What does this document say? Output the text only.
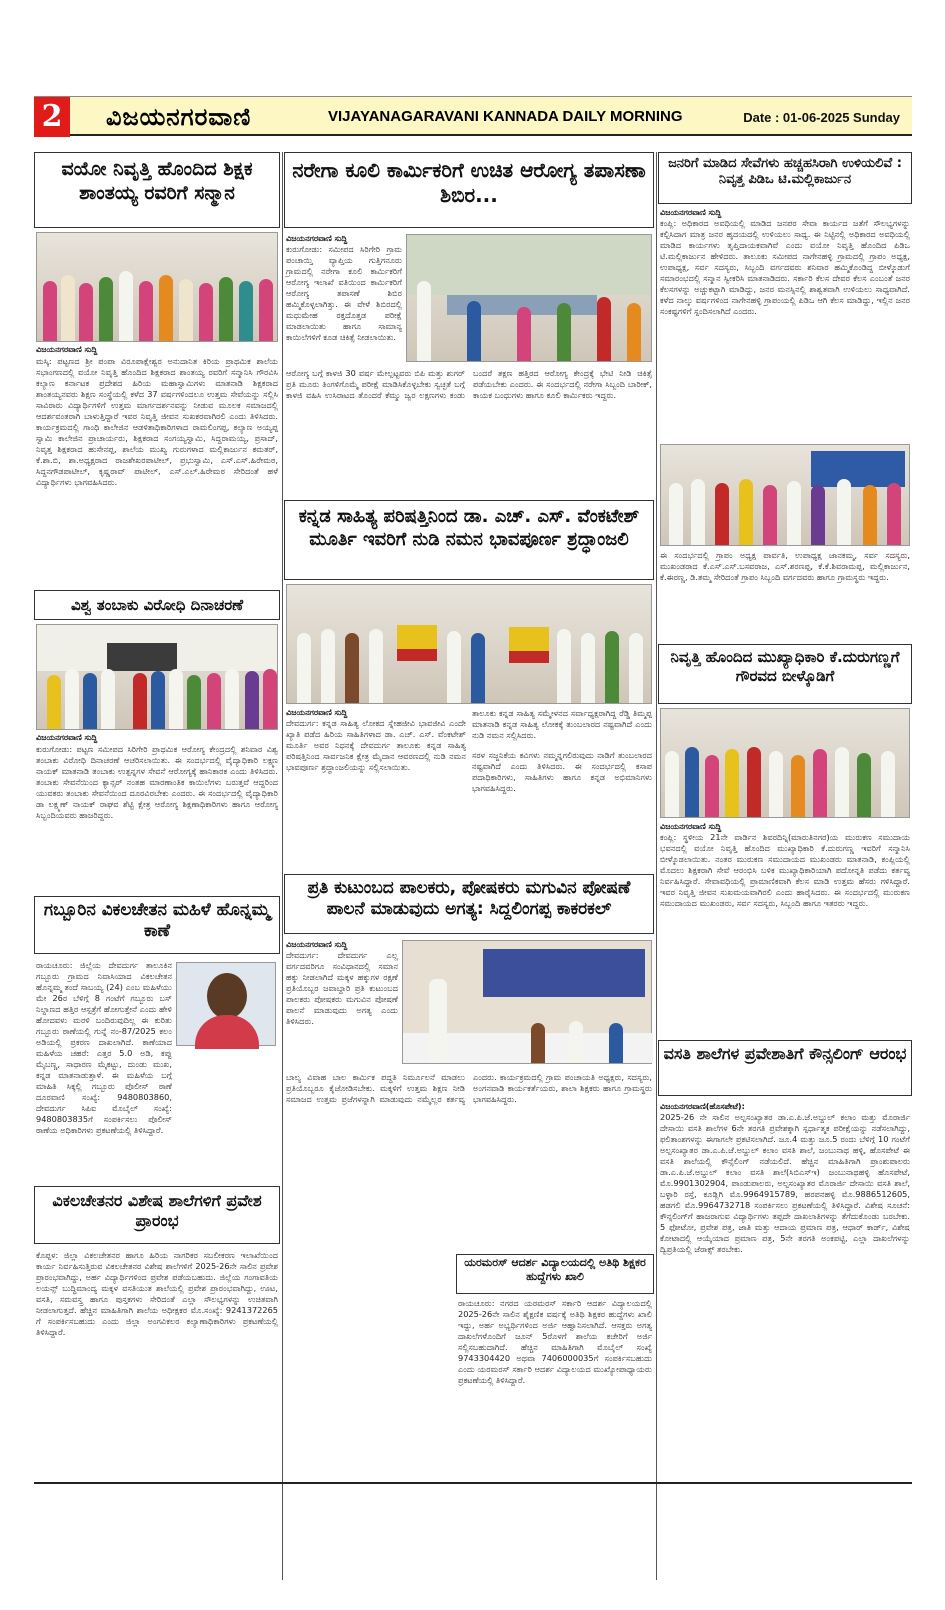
2	ವಿಜಯನಗರವಾಣಿ	VIJAYANAGARAVANI KANNADA DAILY MORNING	Date : 01-06-2025 Sunday
ವಯೋ ನಿವೃತ್ತಿ ಹೊಂದಿದ ಶಿಕ್ಷಕ ಶಾಂತಯ್ಯ ರವರಿಗೆ ಸನ್ಮಾನ
ವಿಜಯನಗರವಾಣಿ ಸುದ್ದಿ
ಮಸ್ಕಿ: ಪಟ್ಟಣದ ಶ್ರೀ ಪಂಪಾ ವಿರೂಪಾಕ್ಷೇಶ್ವರ ಅನುದಾನಿತ ಕಿರಿಯ ಪ್ರಾಥಮಿಕ ಶಾಲೆಯ ಸಭಾಂಗಣದಲ್ಲಿ ವಯೋ ನಿವೃತ್ತಿ ಹೊಂದಿದ ಶಿಕ್ಷಕರಾದ ಶಾಂತಯ್ಯ ರವರಿಗೆ ಸನ್ಮಾನಿಸಿ ಗೌರವಿಸಿ ಕಲ್ಯಾಣ ಕರ್ನಾಟಕ ಪ್ರದೇಶದ ಹಿರಿಯ ಮಹಾಸ್ವಾಮಿಗಳು ಮಾತನಾಡಿ ಶಿಕ್ಷಕರಾದ ಶಾಂತಯ್ಯನವರು ಶಿಕ್ಷಣ ಸಂಸ್ಥೆಯಲ್ಲಿ ಕಳೆದ 37 ವರ್ಷಗಳಿಂದಲೂ ಉತ್ತಮ ಸೇವೆಯನ್ನು ಸಲ್ಲಿಸಿ ಸಾವಿರಾರು ವಿದ್ಯಾರ್ಥಿಗಳಿಗೆ ಉತ್ತಮ ಮಾರ್ಗದರ್ಶನವನ್ನು ನೀಡುವ ಮೂಲಕ ಸಮಾಜದಲ್ಲಿ ಆದರ್ಶವಂತರಾಗಿ ಬಾಳುತ್ತಿದ್ದಾರೆ ಇವರ ನಿವೃತ್ತಿ ಜೀವನ ಸುಖಕರವಾಗಿರಲಿ ಎಂದು ತಿಳಿಸಿದರು. ಕಾರ್ಯಕ್ರಮದಲ್ಲಿ ಗಾಂಧಿ ಕಾಲೇಜಿನ ಆಡಳಿತಾಧಿಕಾರಿಗಳಾದ ರಾಮಲಿಂಗಪ್ಪ, ಕಲ್ಯಾಣ ಅಯ್ಯಪ್ಪ ಸ್ವಾಮಿ ಕಾಲೇಜಿನ ಪ್ರಾಚಾರ್ಯರು, ಶಿಕ್ಷಕರಾದ ಸಂಗಯ್ಯಸ್ವಾಮಿ, ಸಿದ್ದರಾಮಯ್ಯ, ಪ್ರಸಾದ್, ನಿವೃತ್ತ ಶಿಕ್ಷಕರಾದ ಹುಸೇನಪ್ಪ, ಶಾಲೆಯ ಮುಖ್ಯ ಗುರುಗಳಾದ ಮಲ್ಲಿಕಾರ್ಜುನ ಕಮತರ್, ಕೆ.ಶಾ.ಬಿ, ಶಾ.ಅಧ್ಯಕ್ಷರಾದ ರಾಜಶೇಖರಪಾಟೀಲ್, ಪ್ರಭುಸ್ವಾಮಿ, ಎಸ್.ಎಸ್.ಹಿರೇಮಠ, ಸಿದ್ದನಗೌಡಪಾಟೀಲ್, ಕೃಷ್ಣರಾವ್ ಪಾಟೀಲ್, ಎಸ್.ಎಲ್.ಹಿರೇಮಠ ಸೇರಿದಂತೆ ಹಳೆ ವಿದ್ಯಾರ್ಥಿಗಳು ಭಾಗವಹಿಸಿದರು.
ವಿಶ್ವ ತಂಬಾಕು ವಿರೋಧಿ ದಿನಾಚರಣೆ
ವಿಜಯನಗರವಾಣಿ ಸುದ್ದಿ
ಕುರುಗೋಡು: ಪಟ್ಟಣ ಸಮೀಪದ ಸಿರಿಗೇರಿ ಪ್ರಾಥಮಿಕ ಆರೋಗ್ಯ ಕೇಂದ್ರದಲ್ಲಿ ಶನಿವಾರ ವಿಶ್ವ ತಂಬಾಕು ವಿರೋಧಿ ದಿನಾಚರಣೆ ಆಚರಿಸಲಾಯಿತು. ಈ ಸಂದರ್ಭದಲ್ಲಿ ವೈದ್ಯಾಧಿಕಾರಿ ಲಕ್ಷ್ಮಣ ನಾಯಕ್ ಮಾತನಾಡಿ ತಂಬಾಕು ಉತ್ಪನ್ನಗಳ ಸೇವನೆ ಆರೋಗ್ಯಕ್ಕೆ ಹಾನಿಕಾರಕ ಎಂದು ತಿಳಿಸಿದರು. ತಂಬಾಕು ಸೇವನೆಯಿಂದ ಕ್ಯಾನ್ಸರ್ ನಂತಹ ಮಾರಣಾಂತಿಕ ಕಾಯಿಲೆಗಳು ಬರುತ್ತವೆ ಆದ್ದರಿಂದ ಯುವಕರು ತಂಬಾಕು ಸೇವನೆಯಿಂದ ದೂರವಿರಬೇಕು ಎಂದರು. ಈ ಸಂದರ್ಭದಲ್ಲಿ ವೈದ್ಯಾಧಿಕಾರಿ ಡಾ ಲಕ್ಷ್ಮಣ್ ನಾಯಕ್ ರಾಘವ ಶೆಟ್ಟಿ ಕ್ಷೇತ್ರ ಆರೋಗ್ಯ ಶಿಕ್ಷಣಾಧಿಕಾರಿಗಳು ಹಾಗೂ ಆರೋಗ್ಯ ಸಿಬ್ಬಂದಿಯವರು ಹಾಜರಿದ್ದರು.
ಗಬ್ಬೂರಿನ ವಿಕಲಚೇತನ ಮಹಿಳೆ ಹೊನ್ನಮ್ಮ ಕಾಣೆ
ರಾಯಚೂರು: ಜಿಲ್ಲೆಯ ದೇವದುರ್ಗ ತಾಲೂಕಿನ ಗಬ್ಬೂರು ಗ್ರಾಮದ ನಿವಾಸಿಯಾದ ವಿಕಲಚೇತನ ಹೊನ್ನಮ್ಮ ತಂದೆ ಸಾಬಯ್ಯ (24) ಎಂಬ ಮಹಿಳೆಯು ಮೇ 26ರ ಬೆಳಿಗ್ಗೆ 8 ಗಂಟೆಗೆ ಗಬ್ಬೂರು ಬಸ್ ನಿಲ್ದಾಣದ ಹತ್ತಿರ ಆಸ್ಪತ್ರೆಗೆ ಹೋಗುತ್ತೇನೆ ಎಂದು ಹೇಳಿ ಹೋದವಳು ಮರಳಿ ಬಂದಿರುವುದಿಲ್ಲ ಈ ಕುರಿತು ಗಬ್ಬೂರು ಠಾಣೆಯಲ್ಲಿ ಗುನ್ನೆ ನಂ-87/2025 ಕಲಂ ಅಡಿಯಲ್ಲಿ ಪ್ರಕರಣ ದಾಖಲಾಗಿದೆ. ಕಾಣೆಯಾದ ಮಹಿಳೆಯ ಚಹರೆ: ಎತ್ತರ 5.0 ಅಡಿ, ಕಪ್ಪು ಮೈಬಣ್ಣ, ಸಾಧಾರಣ ಮೈಕಟ್ಟು, ದುಂಡು ಮುಖ, ಕನ್ನಡ ಮಾತನಾಡುತ್ತಾಳೆ. ಈ ಮಹಿಳೆಯ ಬಗ್ಗೆ ಮಾಹಿತಿ ಸಿಕ್ಕಲ್ಲಿ ಗಬ್ಬೂರು ಪೊಲೀಸ್ ಠಾಣೆ ದೂರವಾಣಿ ಸಂಖ್ಯೆ: 9480803860, ದೇವದುರ್ಗ ಸಿಪಿಐ ಮೊಬೈಲ್ ಸಂಖ್ಯೆ: 9480803835ಗೆ ಸಂಪರ್ಕಿಸಲು ಪೊಲೀಸ್ ಠಾಣೆಯ ಅಧಿಕಾರಿಗಳು ಪ್ರಕಟಣೆಯಲ್ಲಿ ತಿಳಿಸಿದ್ದಾರೆ.
ವಿಕಲಚೇತನರ ವಿಶೇಷ ಶಾಲೆಗಳಿಗೆ ಪ್ರವೇಶ ಪ್ರಾರಂಭ
ಕೊಪ್ಪಳ: ಜಿಲ್ಲಾ ವಿಕಲಚೇತನರ ಹಾಗೂ ಹಿರಿಯ ನಾಗರಿಕರ ಸಬಲೀಕರಣ ಇಲಾಖೆಯಿಂದ ಕಾರ್ಯ ನಿರ್ವಹಿಸುತ್ತಿರುವ ವಿಕಲಚೇತನರ ವಿಶೇಷ ಶಾಲೆಗಳಿಗೆ 2025-26ನೇ ಸಾಲಿನ ಪ್ರವೇಶ ಪ್ರಾರಂಭವಾಗಿದ್ದು, ಅರ್ಹ ವಿದ್ಯಾರ್ಥಿಗಳಿಂದ ಪ್ರವೇಶ ಪಡೆಯಬಹುದು. ಜಿಲ್ಲೆಯ ಗಂಗಾವತಿಯ ಲಯನ್ಸ್ ಬುದ್ಧಿಮಾಂದ್ಯ ಮಕ್ಕಳ ವಸತಿಯುತ ಶಾಲೆಯಲ್ಲಿ ಪ್ರವೇಶ ಪ್ರಾರಂಭವಾಗಿದ್ದು, ಊಟ, ವಸತಿ, ಸಮವಸ್ತ್ರ ಹಾಗೂ ಪುಸ್ತಕಗಳು ಸೇರಿದಂತೆ ಎಲ್ಲಾ ಸೌಲಭ್ಯಗಳನ್ನು ಉಚಿತವಾಗಿ ನೀಡಲಾಗುತ್ತದೆ. ಹೆಚ್ಚಿನ ಮಾಹಿತಿಗಾಗಿ ಶಾಲೆಯ ಅಧೀಕ್ಷಕರ ಮೊ.ಸಂಖ್ಯೆ: 9241372265 ಗೆ ಸಂಪರ್ಕಿಸಬಹುದು ಎಂದು ಜಿಲ್ಲಾ ಅಂಗವಿಕಲರ ಕಲ್ಯಾಣಾಧಿಕಾರಿಗಳು ಪ್ರಕಟಣೆಯಲ್ಲಿ ತಿಳಿಸಿದ್ದಾರೆ.
ನರೇಗಾ ಕೂಲಿ ಕಾರ್ಮಿಕರಿಗೆ ಉಚಿತ ಆರೋಗ್ಯ ತಪಾಸಣಾ ಶಿಬಿರ...
ವಿಜಯನಗರವಾಣಿ ಸುದ್ದಿ
ಕುರುಗೋಡು: ಸಮೀಪದ ಸಿರಿಗೇರಿ ಗ್ರಾಮ ಪಂಚಾಯ್ತಿ ವ್ಯಾಪ್ತಿಯ ಗುತ್ತಿಗನೂರು ಗ್ರಾಮದಲ್ಲಿ ನರೇಗಾ ಕೂಲಿ ಕಾರ್ಮಿಕರಿಗೆ ಆರೋಗ್ಯ ಇಲಾಖೆ ವತಿಯಿಂದ ಕಾರ್ಮಿಕರಿಗೆ ಆರೋಗ್ಯ ತಪಾಸಣೆ ಶಿಬಿರ ಹಮ್ಮಿಕೊಳ್ಳಲಾಗಿತ್ತು. ಈ ವೇಳೆ ಶಿಬಿರದಲ್ಲಿ ಮಧುಮೇಹ ರಕ್ತದೊತ್ತಡ ಪರೀಕ್ಷೆ ಮಾಡಲಾಯಿತು ಹಾಗೂ ಸಾಮಾನ್ಯ ಕಾಯಿಲೆಗಳಿಗೆ ಕೂಡ ಚಿಕಿತ್ಸೆ ನೀಡಲಾಯಿತು.
ಆರೋಗ್ಯ ಬಗ್ಗೆ ಕಾಳಜಿ 30 ವರ್ಷ ಮೇಲ್ಪಟ್ಟವರು ಬಿಪಿ ಮತ್ತು ಶುಗರ್ ಪ್ರತಿ ಮೂರು ತಿಂಗಳಿಗೊಮ್ಮೆ ಪರೀಕ್ಷೆ ಮಾಡಿಸಿಕೊಳ್ಳಬೇಕು ಸ್ವಚ್ಛತೆ ಬಗ್ಗೆ ಕಾಳಜಿ ವಹಿಸಿ ಉಸಿರಾಟದ ತೊಂದರೆ ಕೆಮ್ಮು ಜ್ವರ ಲಕ್ಷಣಗಳು ಕಂಡು ಬಂದರೆ ತಕ್ಷಣ ಹತ್ತಿರದ ಆರೋಗ್ಯ ಕೇಂದ್ರಕ್ಕೆ ಭೇಟಿ ನೀಡಿ ಚಿಕಿತ್ಸೆ ಪಡೆಯಬೇಕು ಎಂದರು. ಈ ಸಂದರ್ಭದಲ್ಲಿ ನರೇಗಾ ಸಿಬ್ಬಂದಿ ಬಾರೀಕ್, ಕಾಯಕ ಬಂಧುಗಳು ಹಾಗೂ ಕೂಲಿ ಕಾರ್ಮಿಕರು ಇದ್ದರು.
ಕನ್ನಡ ಸಾಹಿತ್ಯ ಪರಿಷತ್ತಿನಿಂದ ಡಾ. ಎಚ್. ಎಸ್. ವೆಂಕಟೇಶ್ ಮೂರ್ತಿ ಇವರಿಗೆ ನುಡಿ ನಮನ ಭಾವಪೂರ್ಣ ಶ್ರದ್ಧಾಂಜಲಿ
ವಿಜಯನಗರವಾಣಿ ಸುದ್ದಿ
ದೇವದುರ್ಗ: ಕನ್ನಡ ಸಾಹಿತ್ಯ ಲೋಕದ ಸ್ನೇಹಜೀವಿ ಭಾವಜೀವಿ ಎಂದೇ ಖ್ಯಾತಿ ಪಡೆದ ಹಿರಿಯ ಸಾಹಿತಿಗಳಾದ ಡಾ. ಎಚ್. ಎಸ್. ವೆಂಕಟೇಶ್ ಮೂರ್ತಿ ಅವರ ನಿಧನಕ್ಕೆ ದೇವದುರ್ಗ ತಾಲೂಕು ಕನ್ನಡ ಸಾಹಿತ್ಯ ಪರಿಷತ್ತಿನಿಂದ ಸಾರ್ವಜನಿಕ ಕ್ಷೇತ್ರ ಮೈದಾನ ಆವರಣದಲ್ಲಿ ನುಡಿ ನಮನ ಭಾವಪೂರ್ಣ ಶ್ರದ್ಧಾಂಜಲಿಯನ್ನು ಸಲ್ಲಿಸಲಾಯಿತು.
ತಾಲೂಕು ಕನ್ನಡ ಸಾಹಿತ್ಯ ಸಮ್ಮೇಳನದ ಸರ್ವಾಧ್ಯಕ್ಷರಾಗಿದ್ದ ರೆಡ್ಡಿ ತಿಮ್ಮಪ್ಪ ಮಾತನಾಡಿ ಕನ್ನಡ ಸಾಹಿತ್ಯ ಲೋಕಕ್ಕೆ ತುಂಬಲಾರದ ನಷ್ಟವಾಗಿದೆ ಎಂದು ನುಡಿ ನಮನ ಸಲ್ಲಿಸಿದರು.
ಸರಳ ಸಜ್ಜನಿಕೆಯ ಕವಿಗಳು ನಮ್ಮನ್ನಗಲಿರುವುದು ನಾಡಿಗೆ ತುಂಬಲಾರದ ನಷ್ಟವಾಗಿದೆ ಎಂದು ತಿಳಿಸಿದರು. ಈ ಸಂದರ್ಭದಲ್ಲಿ ಕಸಾಪ ಪದಾಧಿಕಾರಿಗಳು, ಸಾಹಿತಿಗಳು ಹಾಗೂ ಕನ್ನಡ ಅಭಿಮಾನಿಗಳು ಭಾಗವಹಿಸಿದ್ದರು.
ಪ್ರತಿ ಕುಟುಂಬದ ಪಾಲಕರು, ಪೋಷಕರು ಮಗುವಿನ ಪೋಷಣೆ ಪಾಲನೆ ಮಾಡುವುದು ಅಗತ್ಯ: ಸಿದ್ದಲಿಂಗಪ್ಪ ಕಾಕರಕಲ್
ವಿಜಯನಗರವಾಣಿ ಸುದ್ದಿ
ದೇವದುರ್ಗ: ದೇವದುರ್ಗ ಎಲ್ಲ ವರ್ಗದವರಿಗೂ ಸಂವಿಧಾನದಲ್ಲಿ ಸಮಾನ ಹಕ್ಕು ನೀಡಲಾಗಿದೆ ಮಕ್ಕಳ ಹಕ್ಕುಗಳ ರಕ್ಷಣೆ ಪ್ರತಿಯೊಬ್ಬರ ಜವಾಬ್ದಾರಿ ಪ್ರತಿ ಕುಟುಂಬದ ಪಾಲಕರು ಪೋಷಕರು ಮಗುವಿನ ಪೋಷಣೆ ಪಾಲನೆ ಮಾಡುವುದು ಅಗತ್ಯ ಎಂದು ತಿಳಿಸಿದರು.
ಬಾಲ್ಯ ವಿವಾಹ ಬಾಲ ಕಾರ್ಮಿಕ ಪದ್ಧತಿ ನಿರ್ಮೂಲನೆ ಮಾಡಲು ಪ್ರತಿಯೊಬ್ಬರೂ ಕೈಜೋಡಿಸಬೇಕು. ಮಕ್ಕಳಿಗೆ ಉತ್ತಮ ಶಿಕ್ಷಣ ನೀಡಿ ಸಮಾಜದ ಉತ್ತಮ ಪ್ರಜೆಗಳನ್ನಾಗಿ ಮಾಡುವುದು ನಮ್ಮೆಲ್ಲರ ಕರ್ತವ್ಯ ಎಂದರು. ಕಾರ್ಯಕ್ರಮದಲ್ಲಿ ಗ್ರಾಮ ಪಂಚಾಯತಿ ಅಧ್ಯಕ್ಷರು, ಸದಸ್ಯರು, ಅಂಗನವಾಡಿ ಕಾರ್ಯಕರ್ತೆಯರು, ಶಾಲಾ ಶಿಕ್ಷಕರು ಹಾಗೂ ಗ್ರಾಮಸ್ಥರು ಭಾಗವಹಿಸಿದ್ದರು.
ಯರಮರಸ್ ಆದರ್ಶ ವಿದ್ಯಾಲಯದಲ್ಲಿ ಅತಿಥಿ ಶಿಕ್ಷಕರ ಹುದ್ದೆಗಳು ಖಾಲಿ
ರಾಯಚೂರು: ನಗರದ ಯರಮರಸ್ ಸರ್ಕಾರಿ ಆದರ್ಶ ವಿದ್ಯಾಲಯದಲ್ಲಿ 2025-26ನೇ ಸಾಲಿನ ಶೈಕ್ಷಣಿಕ ವರ್ಷಕ್ಕೆ ಅತಿಥಿ ಶಿಕ್ಷಕರ ಹುದ್ದೆಗಳು ಖಾಲಿ ಇದ್ದು, ಅರ್ಹ ಅಭ್ಯರ್ಥಿಗಳಿಂದ ಅರ್ಜಿ ಆಹ್ವಾನಿಸಲಾಗಿದೆ. ಆಸಕ್ತರು ಅಗತ್ಯ ದಾಖಲೆಗಳೊಂದಿಗೆ ಜೂನ್ 5ರೊಳಗೆ ಶಾಲೆಯ ಕಚೇರಿಗೆ ಅರ್ಜಿ ಸಲ್ಲಿಸಬಹುದಾಗಿದೆ. ಹೆಚ್ಚಿನ ಮಾಹಿತಿಗಾಗಿ ಮೊಬೈಲ್ ಸಂಖ್ಯೆ 9743304420 ಅಥವಾ 7406000035ಗೆ ಸಂಪರ್ಕಿಸಬಹುದು ಎಂದು ಯರಮರಸ್ ಸರ್ಕಾರಿ ಆದರ್ಶ ವಿದ್ಯಾಲಯದ ಮುಖ್ಯೋಪಾಧ್ಯಾಯರು ಪ್ರಕಟಣೆಯಲ್ಲಿ ತಿಳಿಸಿದ್ದಾರೆ.
ಜನರಿಗೆ ಮಾಡಿದ ಸೇವೆಗಳು ಹಚ್ಚಹಸಿರಾಗಿ ಉಳಿಯಲಿವೆ : ನಿವೃತ್ತ ಪಿಡಿಒ ಟಿ.ಮಲ್ಲಿಕಾರ್ಜುನ
ವಿಜಯನಗರವಾಣಿ ಸುದ್ದಿ
ಕಂಪ್ಲಿ: ಅಧಿಕಾರದ ಅವಧಿಯಲ್ಲಿ ಮಾಡಿದ ಜನಪರ ಸೇವಾ ಕಾರ್ಯದ ಜತೆಗೆ ಸೌಲಭ್ಯಗಳನ್ನು ಕಲ್ಪಿಸಿದಾಗ ಮಾತ್ರ ಜನರ ಹೃದಯದಲ್ಲಿ ಉಳಿಯಲು ಸಾಧ್ಯ. ಈ ನಿಟ್ಟಿನಲ್ಲಿ ಅಧಿಕಾರದ ಅವಧಿಯಲ್ಲಿ ಮಾಡಿದ ಕಾರ್ಯಗಳು ತೃಪ್ತಿದಾಯಕವಾಗಿವೆ ಎಂದು ವಯೋ ನಿವೃತ್ತಿ ಹೊಂದಿದ ಪಿಡಿಒ ಟಿ.ಮಲ್ಲಿಕಾರ್ಜುನ ಹೇಳಿದರು. ತಾಲೂಕು ಸಮೀಪದ ನಾಗೇನಹಳ್ಳಿ ಗ್ರಾಮದಲ್ಲಿ ಗ್ರಾಪಂ ಅಧ್ಯಕ್ಷ, ಉಪಾಧ್ಯಕ್ಷ, ಸರ್ವ ಸದಸ್ಯರು, ಸಿಬ್ಬಂದಿ ವರ್ಗದವರು ಶನಿವಾರ ಹಮ್ಮಿಕೊಂಡಿದ್ದ ಬೀಳ್ಕೊಡುಗೆ ಸಮಾರಂಭದಲ್ಲಿ ಸನ್ಮಾನ ಸ್ವೀಕರಿಸಿ ಮಾತನಾಡಿದರು. ಸರ್ಕಾರಿ ಕೆಲಸ ದೇವರ ಕೆಲಸ ಎಂಬಂತೆ ಜನರ ಕೆಲಸಗಳನ್ನು ಅಚ್ಚುಕಟ್ಟಾಗಿ ಮಾಡಿದ್ದು, ಜನರ ಮನಸ್ಸಿನಲ್ಲಿ ಶಾಶ್ವತವಾಗಿ ಉಳಿಯಲು ಸಾಧ್ಯವಾಗಿದೆ. ಕಳೆದ ನಾಲ್ಕು ವರ್ಷಗಳಿಂದ ನಾಗೇನಹಳ್ಳಿ ಗ್ರಾಪಂಯಲ್ಲಿ ಪಿಡಿಒ ಆಗಿ ಕೆಲಸ ಮಾಡಿದ್ದು, ಇಲ್ಲಿನ ಜನರ ಸಂಕಷ್ಟಗಳಿಗೆ ಸ್ಪಂದಿಸಲಾಗಿದೆ ಎಂದರು.
ಈ ಸಂದರ್ಭದಲ್ಲಿ ಗ್ರಾಪಂ ಅಧ್ಯಕ್ಷ ಪಾರ್ವತಿ, ಉಪಾಧ್ಯಕ್ಷ ಜಾನಕಮ್ಮ, ಸರ್ವ ಸದಸ್ಯರು, ಮುಖಂಡರಾದ ಕೆ.ಎಸ್.ಎಸ್.ಬಸವರಾಜ, ಎಸ್.ಶರಣಪ್ಪ, ಕೆ.ಕೆ.ಶಿವರಾಮಪ್ಪ, ಮಲ್ಲಿಕಾರ್ಜುನ, ಕೆ.ಈರಣ್ಣ, ಡಿ.ತಮ್ಮ ಸೇರಿದಂತೆ ಗ್ರಾಪಂ ಸಿಬ್ಬಂದಿ ವರ್ಗದವರು ಹಾಗೂ ಗ್ರಾಮಸ್ಥರು ಇದ್ದರು.
ನಿವೃತ್ತಿ ಹೊಂದಿದ ಮುಖ್ಯಾಧಿಕಾರಿ ಕೆ.ದುರುಗಣ್ಣಗೆ ಗೌರವದ ಬೀಳ್ಕೊಡಿಗೆ
ವಿಜಯನಗರವಾಣಿ ಸುದ್ದಿ
ಕಂಪ್ಲಿ: ಸ್ಥಳೀಯ 21ನೇ ವಾರ್ಡಿನ ಶಿವರದಿನ್ನಿ(ಮಾರುತಿನಗರ)ಯ ಮುರುಕಣ ಸಮುದಾಯ ಭವನದಲ್ಲಿ ವಯೋ ನಿವೃತ್ತಿ ಹೊಂದಿದ ಮುಖ್ಯಾಧಿಕಾರಿ ಕೆ.ದುರುಗಣ್ಣ ಇವರಿಗೆ ಸನ್ಮಾನಿಸಿ ಬೀಳ್ಕೊಡಲಾಯಿತು. ನಂತರ ಮುರುಕಣ ಸಮುದಾಯದ ಮುಖಂಡರು ಮಾತನಾಡಿ, ಕಂಪ್ಲಿಯಲ್ಲಿ ಮೊದಲು ಶಿಕ್ಷಕರಾಗಿ ಸೇವೆ ಆರಂಭಿಸಿ ಬಳಿಕ ಮುಖ್ಯಾಧಿಕಾರಿಯಾಗಿ ಪದೋನ್ನತಿ ಪಡೆದು ಕರ್ತವ್ಯ ನಿರ್ವಹಿಸಿದ್ದಾರೆ. ಸೇವಾವಧಿಯಲ್ಲಿ ಪ್ರಾಮಾಣಿಕವಾಗಿ ಕೆಲಸ ಮಾಡಿ ಉತ್ತಮ ಹೆಸರು ಗಳಿಸಿದ್ದಾರೆ. ಇವರ ನಿವೃತ್ತಿ ಜೀವನ ಸುಖಮಯವಾಗಿರಲಿ ಎಂದು ಹಾರೈಸಿದರು. ಈ ಸಂದರ್ಭದಲ್ಲಿ ಮುರುಕಣ ಸಮುದಾಯದ ಮುಖಂಡರು, ಸರ್ವ ಸದಸ್ಯರು, ಸಿಬ್ಬಂದಿ ಹಾಗೂ ಇತರರು ಇದ್ದರು.
ವಸತಿ ಶಾಲೆಗಳ ಪ್ರವೇಶಾತಿಗೆ ಕೌನ್ಸಲಿಂಗ್ ಆರಂಭ
ವಿಜಯನಗರವಾಣಿ(ಹೊಸಪೇಟೆ):
2025-26 ನೇ ಸಾಲಿನ ಅಲ್ಪಸಂಖ್ಯಾತರ ಡಾ.ಎ.ಪಿ.ಜೆ.ಅಬ್ದುಲ್ ಕಲಾಂ ಮತ್ತು ಮೊರಾರ್ಜಿ ದೇಸಾಯಿ ವಸತಿ ಶಾಲೆಗಳ 6ನೇ ತರಗತಿ ಪ್ರವೇಶಕ್ಕಾಗಿ ಸ್ಪರ್ಧಾತ್ಮಕ ಪರೀಕ್ಷೆಯನ್ನು ನಡೆಸಲಾಗಿದ್ದು, ಫಲಿತಾಂಶಗಳನ್ನು ಈಗಾಗಲೇ ಪ್ರಕಟಿಸಲಾಗಿದೆ. ಜೂ.4 ಮತ್ತು ಜೂ.5 ರಂದು ಬೆಳಿಗ್ಗೆ 10 ಗಂಟೆಗೆ ಅಲ್ಪಸಂಖ್ಯಾತರ ಡಾ.ಎ.ಪಿ.ಜೆ.ಅಬ್ದುಲ್ ಕಲಾಂ ವಸತಿ ಶಾಲೆ, ಜಂಬುನಾಥ ಹಳ್ಳಿ, ಹೊಸಪೇಟೆ ಈ ವಸತಿ ಶಾಲೆಯಲ್ಲಿ ಕೌನ್ಸೆಲಿಂಗ್ ನಡೆಯಲಿದೆ. ಹೆಚ್ಚಿನ ಮಾಹಿತಿಗಾಗಿ ಪ್ರಾಂಶುಪಾಲರು ಡಾ.ಎ.ಪಿ.ಜೆ.ಅಬ್ದುಲ್ ಕಲಾಂ ವಸತಿ ಶಾಲೆ(ಸಿಬಿಎಸ್‌ಇ) ಜಂಬುನಾಥಹಳ್ಳಿ ಹೊಸಪೇಟೆ, ಮೊ.9901302904, ಪಾಂಡುಪಾಲರು, ಅಲ್ಪಸಂಖ್ಯಾತರ ಮೊರಾರ್ಜಿ ದೇಸಾಯಿ ವಸತಿ ಶಾಲೆ, ಬಳ್ಳಾರಿ ರಸ್ತೆ, ಕೂಡ್ಲಿಗಿ ಮೊ.9964915789, ಹರಪನಹಳ್ಳಿ ಮೊ.9886512605, ಹಡಗಲಿ ಮೊ.9964732718 ಸಂಪರ್ಕಿಸಲು ಪ್ರಕಟಣೆಯಲ್ಲಿ ತಿಳಿಸಿದ್ದಾರೆ. ವಿಶೇಷ ಸೂಚನೆ: ಕೌನ್ಸಲಿಂಗ್‌ಗೆ ಹಾಜರಾಗುವ ವಿದ್ಯಾರ್ಥಿಗಳು ತಪ್ಪದೇ ದಾಖಲಾತಿಗಳನ್ನು ತೆಗೆದುಕೊಂಡು ಬರಬೇಕು. 5 ಫೋಟೋ, ಪ್ರವೇಶ ಪತ್ರ, ಜಾತಿ ಮತ್ತು ಆದಾಯ ಪ್ರಮಾಣ ಪತ್ರ, ಆಧಾರ್ ಕಾರ್ಡ್, ವಿಶೇಷ ಕೋಟಾದಲ್ಲಿ ಆಯ್ಕೆಯಾದ ಪ್ರಮಾಣ ಪತ್ರ, 5ನೇ ತರಗತಿ ಅಂಕಪಟ್ಟಿ, ಎಲ್ಲಾ ದಾಖಲೆಗಳನ್ನು ದ್ವಿಪ್ರತಿಯಲ್ಲಿ ಜೆರಾಕ್ಸ್ ತರಬೇಕು.
